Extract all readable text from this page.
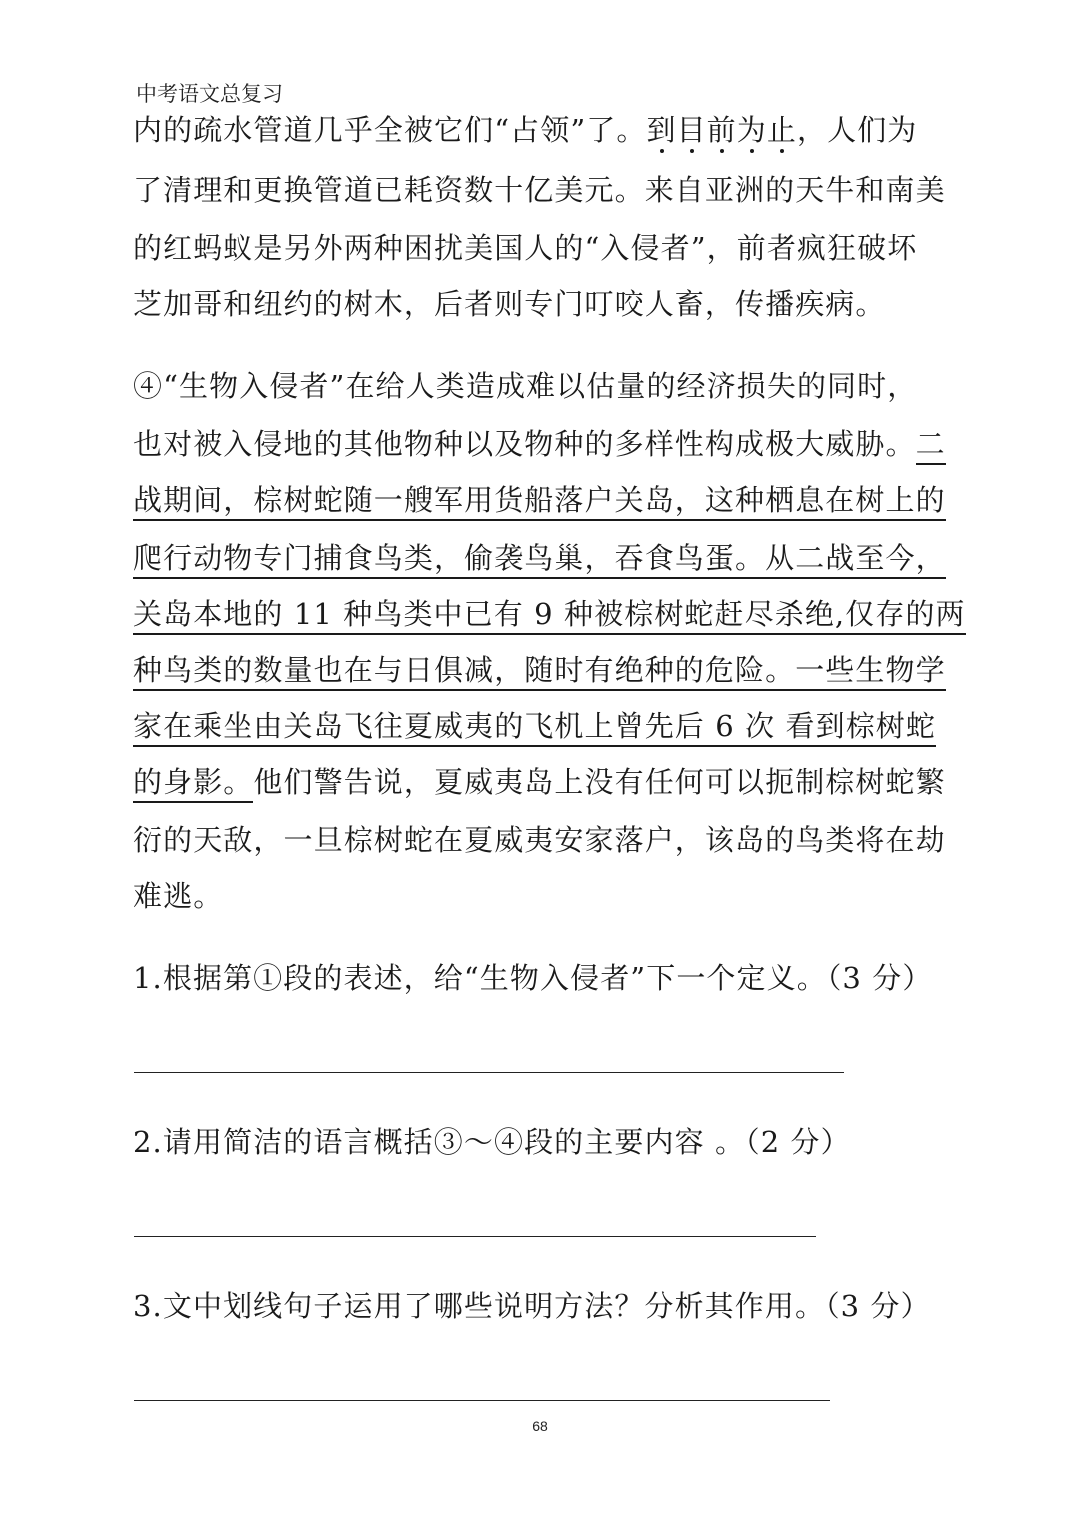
中考语文总复习
内的疏水管道几乎全被它们“占领”了。到目前为止，人们为
了清理和更换管道已耗资数十亿美元。来自亚洲的天牛和南美
的红蚂蚁是另外两种困扰美国人的“入侵者”，前者疯狂破坏
芝加哥和纽约的树木，后者则专门叮咬人畜，传播疾病。
④“生物入侵者”在给人类造成难以估量的经济损失的同时，
也对被入侵地的其他物种以及物种的多样性构成极大威胁。二
战期间，棕树蛇随一艘军用货船落户关岛，这种栖息在树上的
爬行动物专门捕食鸟类，偷袭鸟巢，吞食鸟蛋。从二战至今，
关岛本地的 11 种鸟类中已有 9 种被棕树蛇赶尽杀绝,仅存的两
种鸟类的数量也在与日俱减，随时有绝种的危险。一些生物学
家在乘坐由关岛飞往夏威夷的飞机上曾先后 6 次 看到棕树蛇
的身影。他们警告说，夏威夷岛上没有任何可以扼制棕树蛇繁
衍的天敌，一旦棕树蛇在夏威夷安家落户，该岛的鸟类将在劫
难逃。
1.根据第①段的表述，给“生物入侵者”下一个定义。（3 分）
2.请用简洁的语言概括③～④段的主要内容 。（2 分）
3.文中划线句子运用了哪些说明方法？分析其作用。（3 分）
68
